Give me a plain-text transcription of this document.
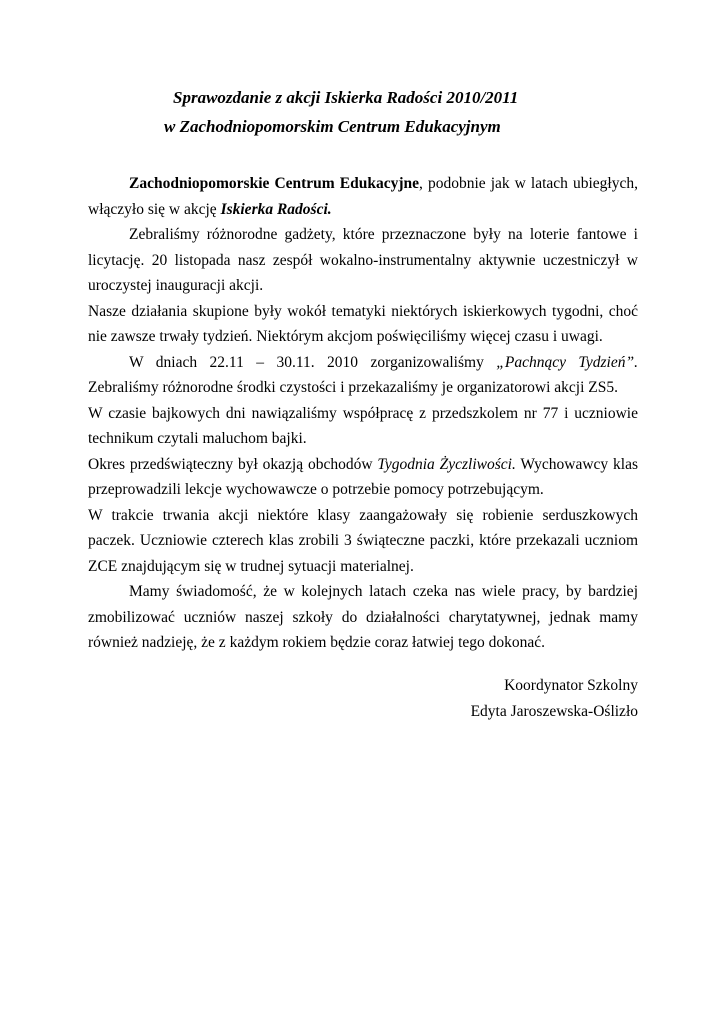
Sprawozdanie z akcji Iskierka Radości 2010/2011
w Zachodniopomorskim Centrum Edukacyjnym

Zachodniopomorskie Centrum Edukacyjne, podobnie jak w latach ubiegłych, włączyło się w akcję Iskierka Radości.

Zebraliśmy różnorodne gadżety, które przeznaczone były na loterie fantowe i licytację. 20 listopada nasz zespół wokalno-instrumentalny aktywnie uczestniczył w uroczystej inauguracji akcji.

Nasze działania skupione były wokół tematyki niektórych iskierkowych tygodni, choć nie zawsze trwały tydzień. Niektórym akcjom poświęciliśmy więcej czasu i uwagi.

W dniach 22.11 – 30.11. 2010 zorganizowaliśmy „Pachnący Tydzień”. Zebraliśmy różnorodne środki czystości i przekazaliśmy je organizatorowi akcji ZS5.

W czasie bajkowych dni nawiązaliśmy współpracę z przedszkolem nr 77 i uczniowie technikum czytali maluchom bajki.

Okres przedświąteczny był okazją obchodów Tygodnia Życzliwości. Wychowawcy klas przeprowadzili lekcje wychowawcze o potrzebie pomocy potrzebującym.

W trakcie trwania akcji niektóre klasy zaangażowały się robienie serduszkowych paczek. Uczniowie czterech klas zrobili 3 świąteczne paczki, które przekazali uczniom ZCE znajdującym się w trudnej sytuacji materialnej.

Mamy świadomość, że w kolejnych latach czeka nas wiele pracy, by bardziej zmobilizować uczniów naszej szkoły do działalności charytatywnej, jednak mamy również nadzieję, że z każdym rokiem będzie coraz łatwiej tego dokonać.

Koordynator Szkolny
Edyta Jaroszewska-Oślizło
